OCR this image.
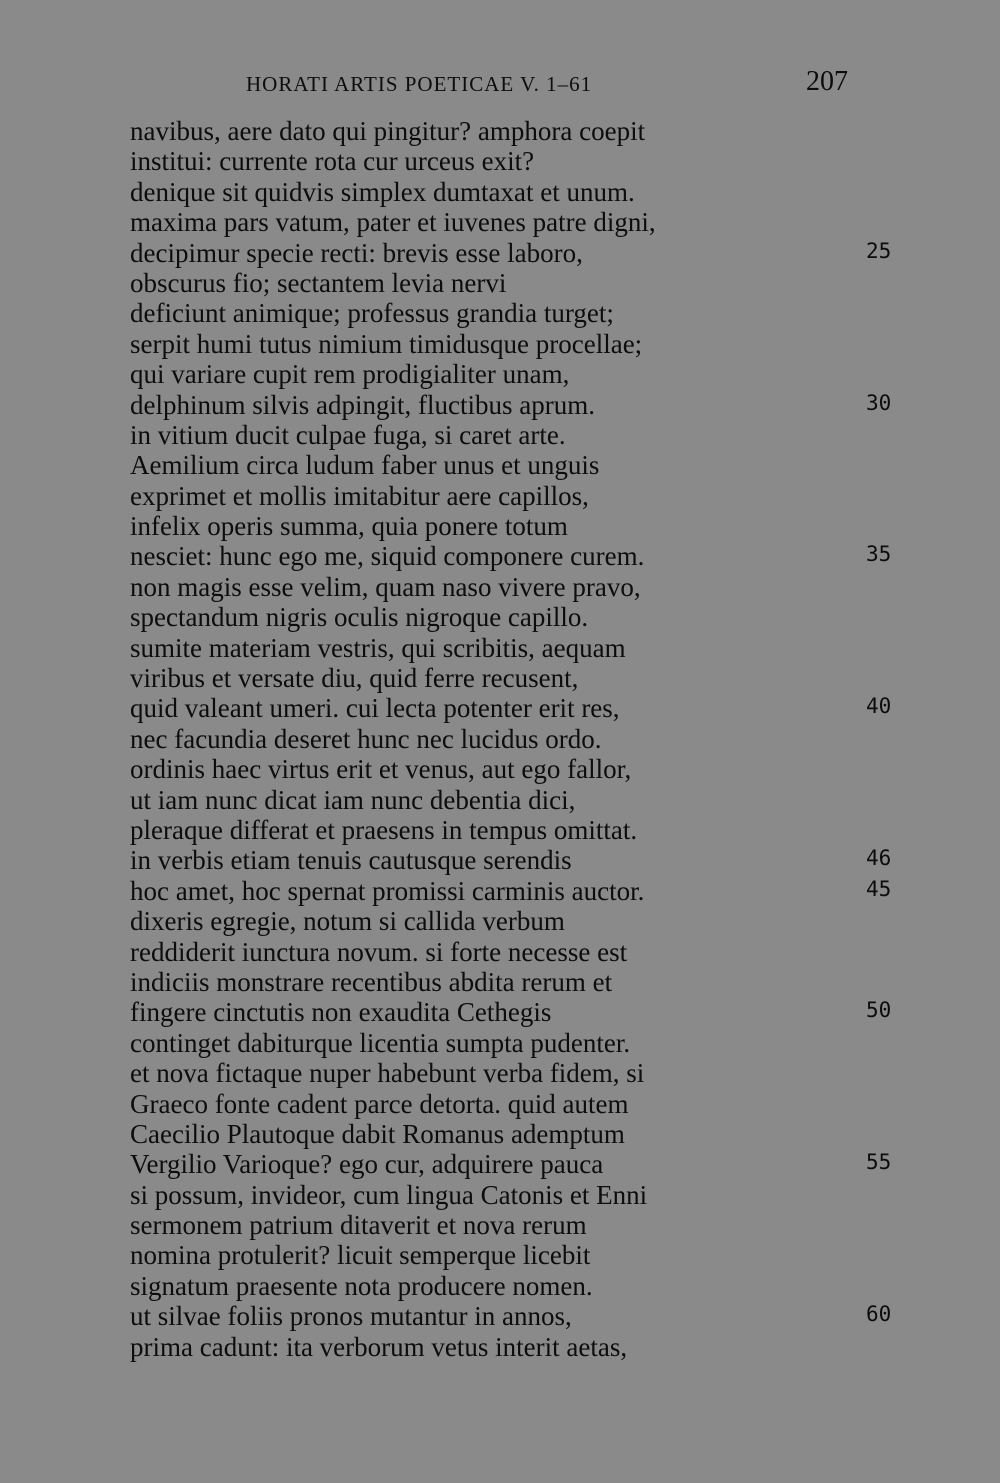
HORATI ARTIS POETICAE V. 1–61	207
navibus, aere dato qui pingitur? amphora coepit
institui: currente rota cur urceus exit?
denique sit quidvis simplex dumtaxat et unum.
maxima pars vatum, pater et iuvenes patre digni,
decipimur specie recti: brevis esse laboro,	25
obscurus fio; sectantem levia nervi
deficiunt animique; professus grandia turget;
serpit humi tutus nimium timidusque procellae;
qui variare cupit rem prodigialiter unam,
delphinum silvis adpingit, fluctibus aprum.	30
in vitium ducit culpae fuga, si caret arte.
Aemilium circa ludum faber unus et unguis
exprimet et mollis imitabitur aere capillos,
infelix operis summa, quia ponere totum
nesciet: hunc ego me, siquid componere curem.	35
non magis esse velim, quam naso vivere pravo,
spectandum nigris oculis nigroque capillo.
sumite materiam vestris, qui scribitis, aequam
viribus et versate diu, quid ferre recusent,
quid valeant umeri. cui lecta potenter erit res,	40
nec facundia deseret hunc nec lucidus ordo.
ordinis haec virtus erit et venus, aut ego fallor,
ut iam nunc dicat iam nunc debentia dici,
pleraque differat et praesens in tempus omittat.
in verbis etiam tenuis cautusque serendis	46
hoc amet, hoc spernat promissi carminis auctor.	45
dixeris egregie, notum si callida verbum
reddiderit iunctura novum. si forte necesse est
indiciis monstrare recentibus abdita rerum et
fingere cinctutis non exaudita Cethegis	50
continget dabiturque licentia sumpta pudenter.
et nova fictaque nuper habebunt verba fidem, si
Graeco fonte cadent parce detorta. quid autem
Caecilio Plautoque dabit Romanus ademptum
Vergilio Varioque? ego cur, adquirere pauca	55
si possum, invideor, cum lingua Catonis et Enni
sermonem patrium ditaverit et nova rerum
nomina protulerit? licuit semperque licebit
signatum praesente nota producere nomen.
ut silvae foliis pronos mutantur in annos,	60
prima cadunt: ita verborum vetus interit aetas,
